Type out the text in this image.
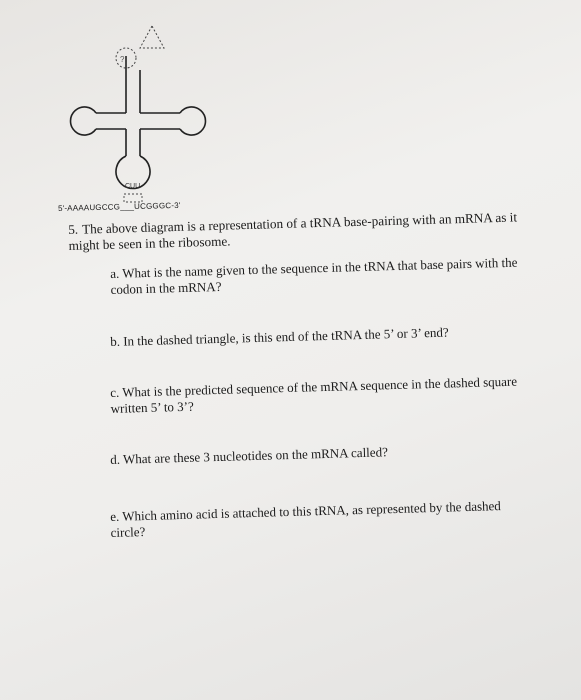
?
CUU
5'-AAAAUGCCG___UCGGGC-3'
5. The above diagram is a representation of a tRNA base-pairing with an mRNA as it
might be seen in the ribosome.
a. What is the name given to the sequence in the tRNA that base pairs with the
codon in the mRNA?
b. In the dashed triangle, is this end of the tRNA the 5’ or 3’ end?
c. What is the predicted sequence of the mRNA sequence in the dashed square
written 5’ to 3’?
d. What are these 3 nucleotides on the mRNA called?
e. Which amino acid is attached to this tRNA, as represented by the dashed
circle?
